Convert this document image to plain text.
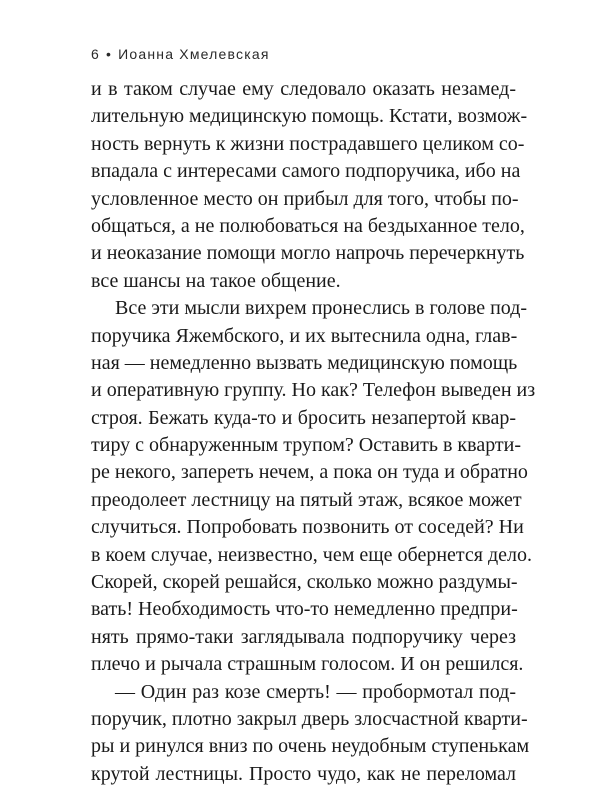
6 • Иоанна Хмелевская
и в таком случае ему следовало оказать незамед-
лительную медицинскую помощь. Кстати, возмож-
ность вернуть к жизни пострадавшего целиком со-
впадала с интересами самого подпоручика, ибо на
условленное место он прибыл для того, чтобы по-
общаться, а не полюбоваться на бездыханное тело,
и неоказание помощи могло напрочь перечеркнуть
все шансы на такое общение.
Все эти мысли вихрем пронеслись в голове под-
поручика Яжембского, и их вытеснила одна, глав-
ная — немедленно вызвать медицинскую помощь
и оперативную группу. Но как? Телефон выведен из
строя. Бежать куда-то и бросить незапертой квар-
тиру с обнаруженным трупом? Оставить в кварти-
ре некого, запереть нечем, а пока он туда и обратно
преодолеет лестницу на пятый этаж, всякое может
случиться. Попробовать позвонить от соседей? Ни
в коем случае, неизвестно, чем еще обернется дело.
Скорей, скорей решайся, сколько можно раздумы-
вать! Необходимость что-то немедленно предпри-
нять прямо-таки заглядывала подпоручику через
плечо и рычала страшным голосом. И он решился.
— Один раз козе смерть! — пробормотал под-
поручик, плотно закрыл дверь злосчастной кварти-
ры и ринулся вниз по очень неудобным ступенькам
крутой лестницы. Просто чудо, как не переломал
